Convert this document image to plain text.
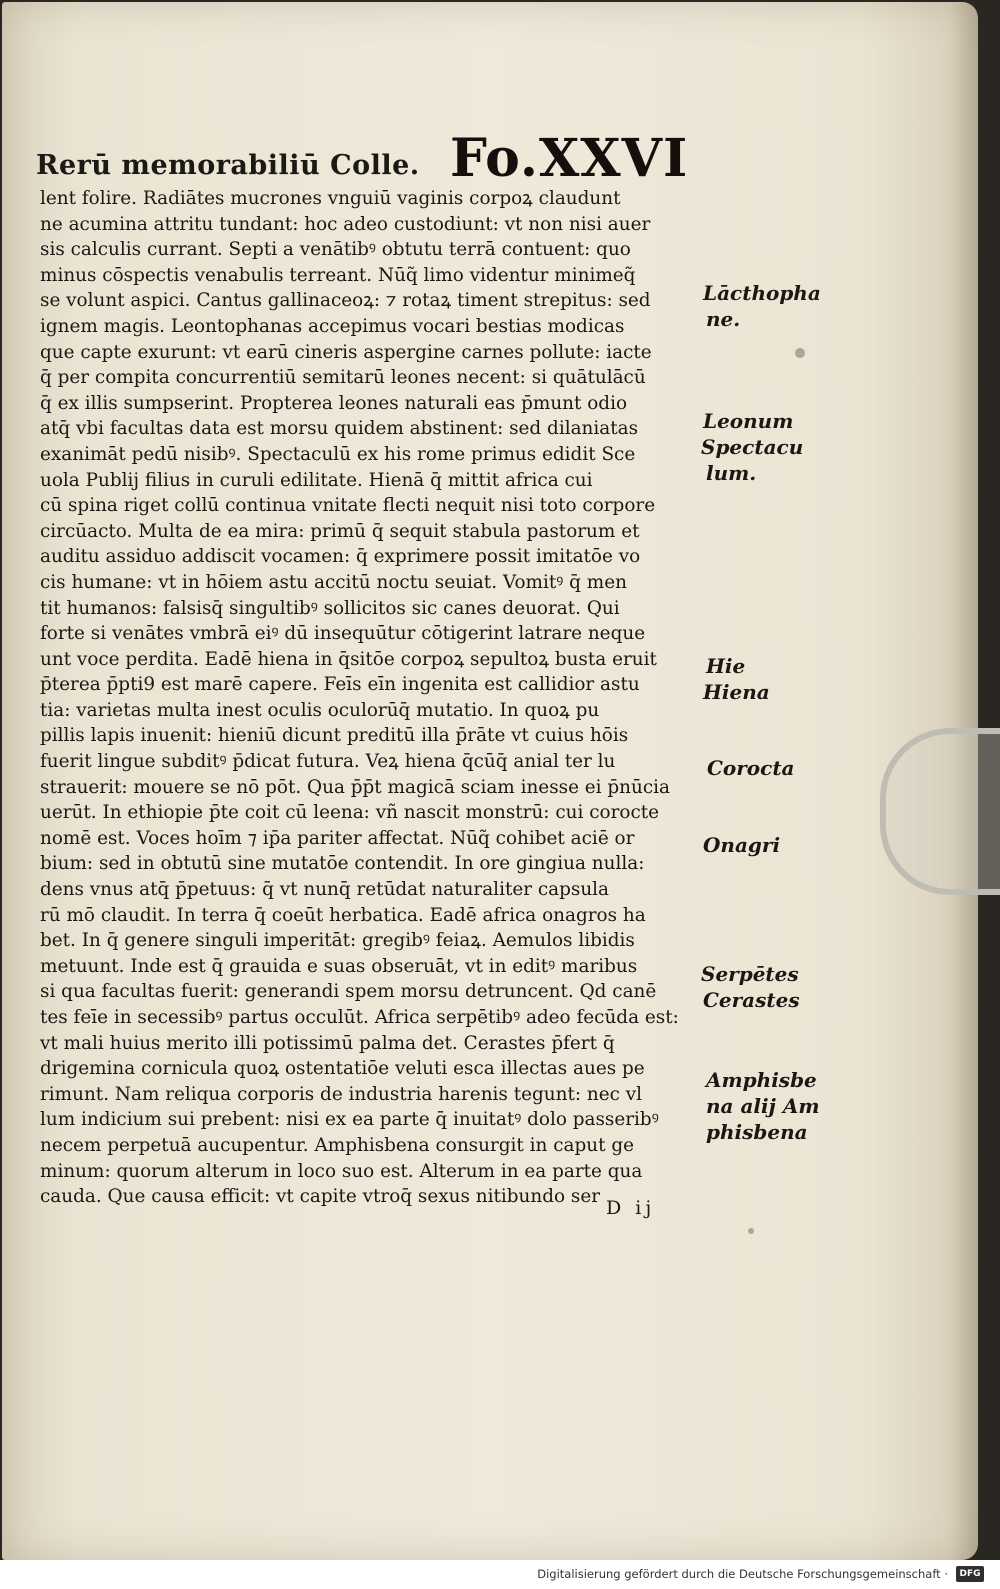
Rerū memorabiliū Colle. Fo.XXVI
lent folire. Radiātes mucrones vnguiū vaginis corpoꝝ claudunt
ne acumina attritu tundant: hoc adeo custodiunt: vt non nisi auer
sis calculis currant. Septi a venātibꝰ obtutu terrā contuent: quo
minus cōspectis venabulis terreant. Nūq̃ limo videntur minimeq̃
se volunt aspici. Cantus gallinaceoꝝ: ⁊ rotaꝝ timent strepitus: sed
ignem magis. Leontophanas accepimus vocari bestias modicas
que capte exurunt: vt earū cineris aspergine carnes pollute: iacte
q̄ per compita concurrentiū semitarū leones necent: si quātulācū
q̄ ex illis sumpserint. Propterea leones naturali eas p̄munt odio
atq̄ vbi facultas data est morsu quidem abstinent: sed dilaniatas
exanimāt pedū nisibꝰ. Spectaculū ex his rome primus edidit Sce
uola Publij filius in curuli edilitate. Hienā q̄ mittit africa cui
cū spina riget collū continua vnitate flecti nequit nisi toto corpore
circūacto. Multa de ea mira: primū q̄ sequit stabula pastorum et
auditu assiduo addiscit vocamen: q̄ exprimere possit imitatōe vo
cis humane: vt in hōiem astu accitū noctu seuiat. Vomitꝰ q̄ men
tit humanos: falsisq̄ singultibꝰ sollicitos sic canes deuorat. Qui
forte si venātes vmbrā eiꝰ dū insequūtur cōtigerint latrare neque
unt voce perdita. Eadē hiena in q̄sitōe corpoꝝ sepultoꝝ busta eruit
p̄terea p̄pti9 est marē capere. Feīs eīn ingenita est callidior astu
tia: varietas multa inest oculis oculorūq̄ mutatio. In quoꝝ pu
pillis lapis inuenit: hieniū dicunt preditū illa p̄rāte vt cuius hōis
fuerit lingue subditꝰ p̄dicat futura. Veꝝ hiena q̄cūq̄ anial ter lu
strauerit: mouere se nō pōt. Qua p̄p̄t magicā sciam inesse ei p̄nūcia
uerūt. In ethiopie p̄te coit cū leena: vñ nascit monstrū: cui corocte
nomē est. Voces hoīm ⁊ ip̄a pariter affectat. Nūq̃ cohibet aciē or
bium: sed in obtutū sine mutatōe contendit. In ore gingiua nulla:
dens vnus atq̄ p̄petuus: q̄ vt nunq̄ retūdat naturaliter capsula
rū mō claudit. In terra q̄ coeūt herbatica. Eadē africa onagros ha
bet. In q̄ genere singuli imperitāt: gregibꝰ feiaꝝ. Aemulos libidis
metuunt. Inde est q̄ grauida e suas obseruāt, vt in editꝰ maribus
si qua facultas fuerit: generandi spem morsu detruncent. Qd canē
tes feīe in secessibꝰ partus occulūt. Africa serpētibꝰ adeo fecūda est:
vt mali huius merito illi potissimū palma det. Cerastes p̄fert q̄
drigemina cornicula quoꝝ ostentatiōe veluti esca illectas aues pe
rimunt. Nam reliqua corporis de industria harenis tegunt: nec vl
lum indicium sui prebent: nisi ex ea parte q̄ inuitatꝰ dolo passeribꝰ
necem perpetuā aucupentur. Amphisbena consurgit in caput ge
minum: quorum alterum in loco suo est. Alterum in ea parte qua
cauda. Que causa efficit: vt capite vtroq̄ sexus nitibundo ser
Lācthopha
ne.
Leonum
Spectacu
lum.
Hie
Hiena
Corocta
Onagri
Serpētes
Cerastes
Amphisbe
na alij Am
phisbena
D ij
Digitalisierung gefördert durch die Deutsche Forschungsgemeinschaft ·	DFG
